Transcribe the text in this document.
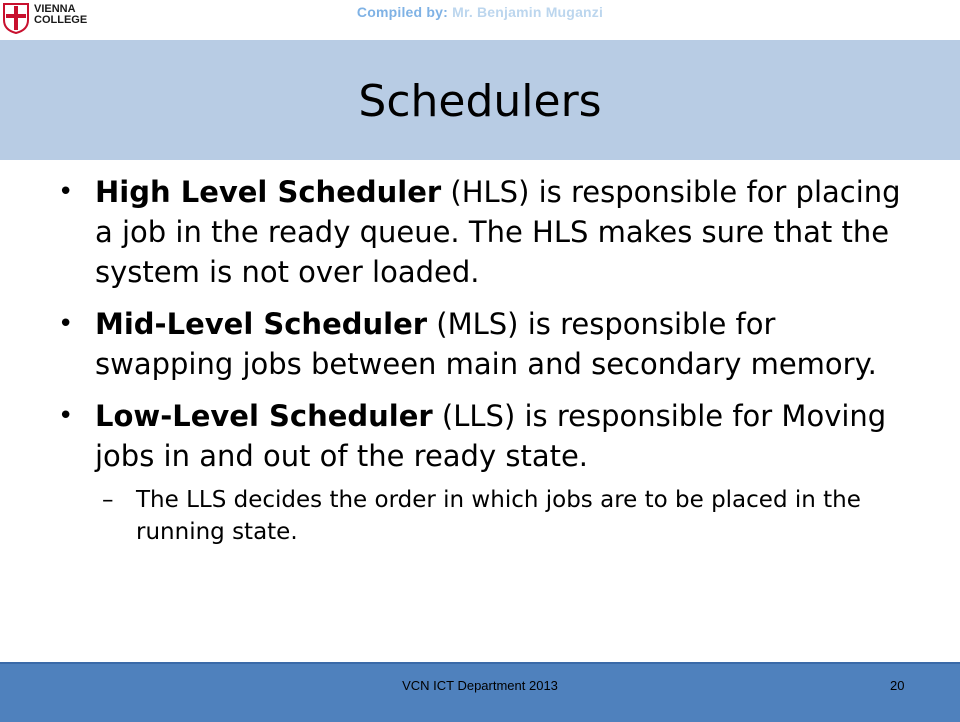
VIENNA
COLLEGE	Compiled by: Mr. Benjamin Muganzi
Schedulers
• High Level Scheduler (HLS) is responsible for placing a job in the ready queue. The HLS makes sure that the system is not over loaded.
• Mid-Level Scheduler (MLS) is responsible for swapping jobs between main and secondary memory.
• Low-Level Scheduler (LLS) is responsible for Moving jobs in and out of the ready state.
– The LLS decides the order in which jobs are to be placed in the running state.
VCN ICT Department 2013	20
